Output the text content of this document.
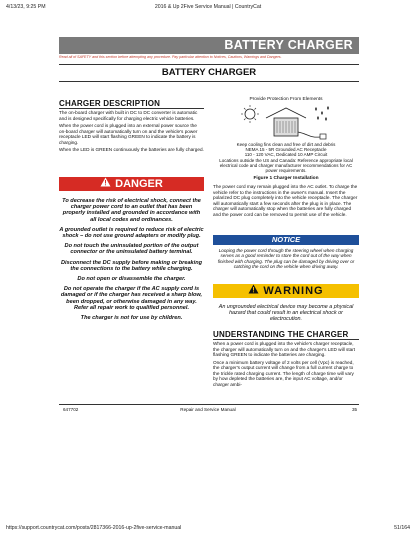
4/13/23, 9:25 PM	2016 & Up 2Five Service Manual | CountryCat
BATTERY CHARGER
Read all of SAFETY and this section before attempting any procedure. Pay particular attention to Notices, Cautions, Warnings and Dangers.
BATTERY CHARGER
CHARGER DESCRIPTION

The on-board charger with built in DC to DC converter is automatic and is designed specifically for charging electric vehicle batteries.

When the power cord is plugged into an external power source the on-board charger will automatically turn on and the vehicle's power receptacle LED will start flashing GREEN to indicate the battery is charging.

When the LED is GREEN continuously the batteries are fully charged.

DANGER

To decrease the risk of electrical shock, connect the charger power cord to an outlet that has been properly installed and grounded in accordance with all local codes and ordinances.

A grounded outlet is required to reduce risk of electric shock – do not use ground adapters or modify plug.

Do not touch the uninsulated portion of the output connector or the uninsulated battery terminal.

Disconnect the DC supply before making or breaking the connections to the battery while charging.

Do not open or disassemble the charger.

Do not operate the charger if the AC supply cord is damaged or if the charger has received a sharp blow, been dropped, or otherwise damaged in any way. Refer all repair work to qualified personnel.

The charger is not for use by children.

Provide Protection From Elements
Keep cooling fins clean and free of dirt and debris
NEMA 15 - 5R Grounded AC Receptacle
110 - 120 VAC, Dedicated 10 AMP Circuit
Locations outside the US and Canada: Reference appropriate local electrical code and charger manufacturer recommendations for AC power requirements.
Figure 1 Charger Installation
The power cord may remain plugged into the AC outlet. To charge the vehicle refer to the instructions in the owner's manual. Insert the polarized DC plug completely into the vehicle receptacle. The charger will automatically start a few seconds after the plug is in place. The charger will automatically stop when the batteries are fully charged and the power cord can be removed to permit use of the vehicle.
NOTICE
Looping the power cord through the steering wheel when charging serves as a good reminder to store the cord out of the way when finished with charging. The plug can be damaged by driving over or catching the cord on the vehicle when driving away.
WARNING
An ungrounded electrical device may become a physical hazard that could result in an electrical shock or electrocution.
UNDERSTANDING THE CHARGER

When a power cord is plugged into the vehicle's charger receptacle, the charger will automatically turn on and the charger's LED will start flashing GREEN to indicate the batteries are charging.

Once a minimum battery voltage of 2 volts per cell (Vpc) is reached, the charger's output current will change from a full current charge to the trickle rated charging current. The length of charge time will vary by how depleted the batteries are, the input AC voltage, and/or charger ambi-

647702	Repair and Service Manual	35
https://support.countrycat.com/posts/2817366-2016-up-2five-service-manual	51/164
